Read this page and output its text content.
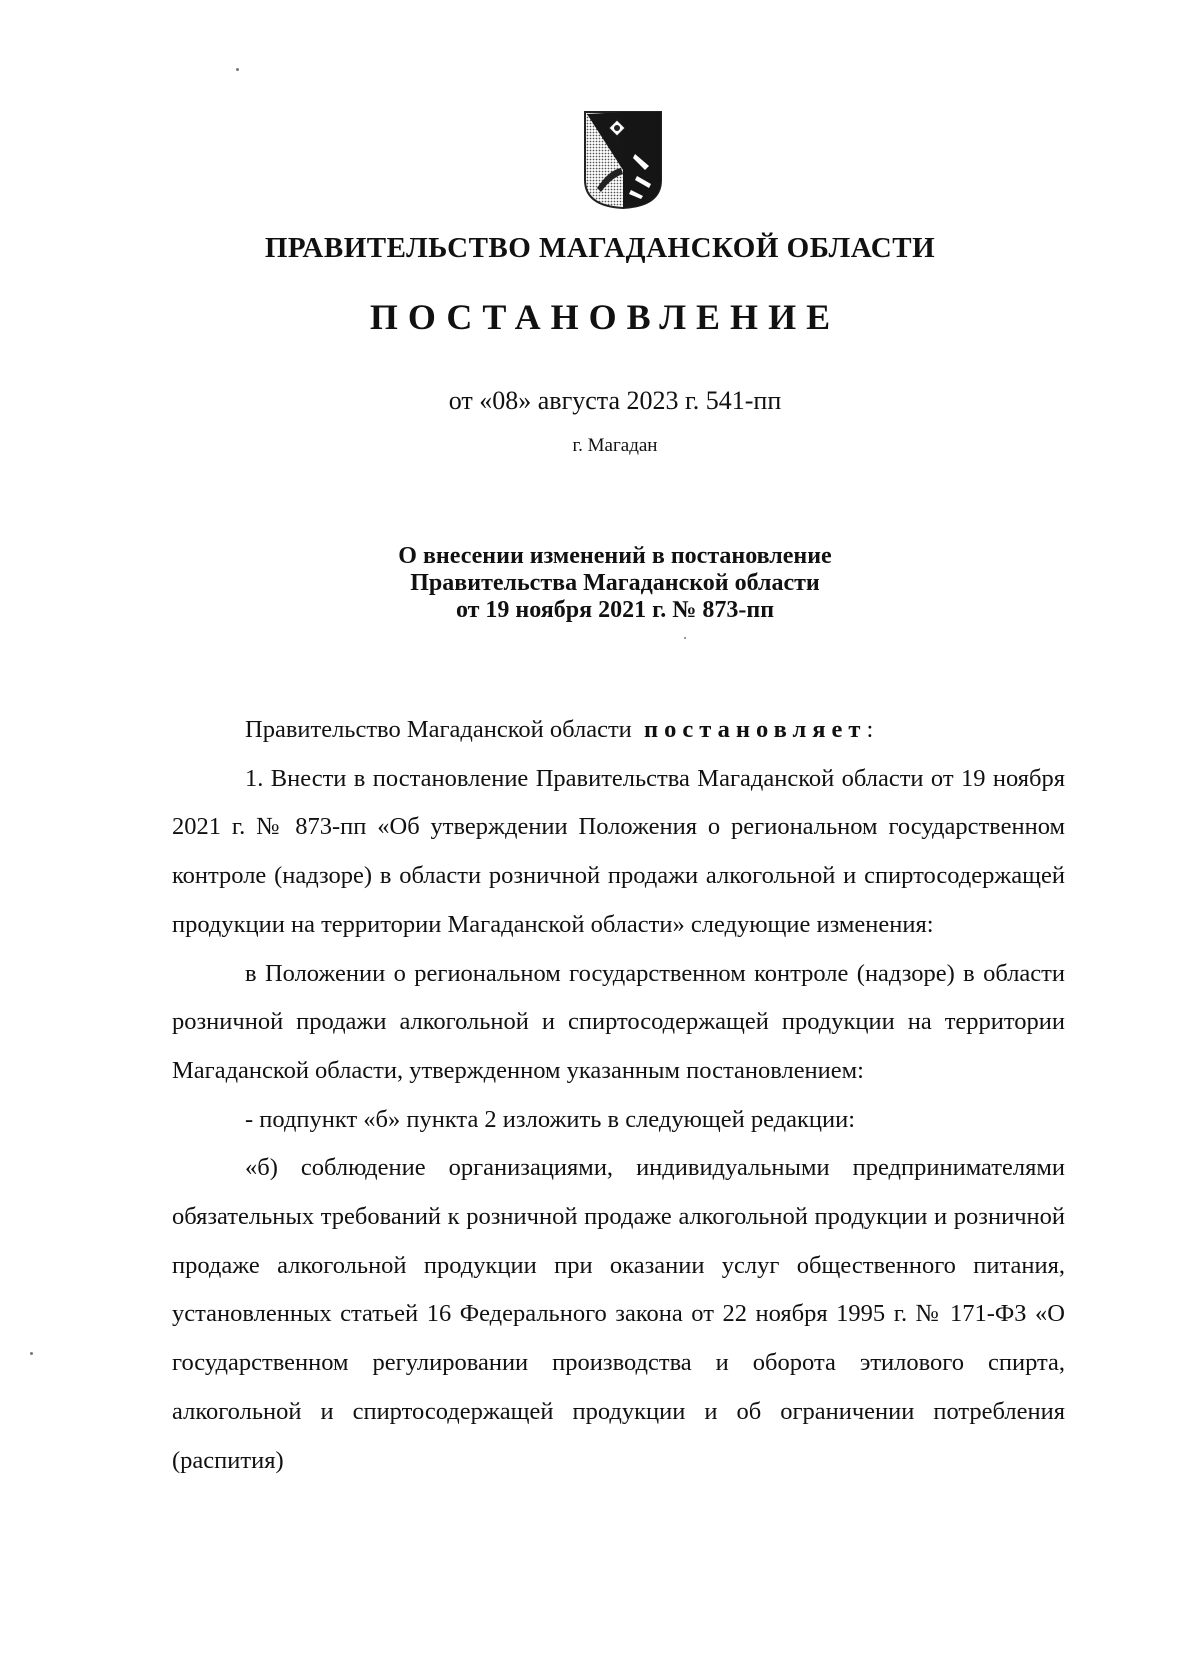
ПРАВИТЕЛЬСТВО МАГАДАНСКОЙ ОБЛАСТИ
ПОСТАНОВЛЕНИЕ
от «08» августа 2023 г. 541-пп
г. Магадан
О внесении изменений в постановление
Правительства Магаданской области
от 19 ноября 2021 г. № 873-пп

Правительство Магаданской области постановляет:

1. Внести в постановление Правительства Магаданской области от 19 ноября 2021 г. № 873-пп «Об утверждении Положения о региональном государственном контроле (надзоре) в области розничной продажи алкогольной и спиртосодержащей продукции на территории Магаданской области» следующие изменения:

в Положении о региональном государственном контроле (надзоре) в области розничной продажи алкогольной и спиртосодержащей продукции на территории Магаданской области, утвержденном указанным постановлением:

- подпункт «б» пункта 2 изложить в следующей редакции:

«б) соблюдение организациями, индивидуальными предпринимателями обязательных требований к розничной продаже алкогольной продукции и розничной продаже алкогольной продукции при оказании услуг общественного питания, установленных статьей 16 Федерального закона от 22 ноября 1995 г. № 171-ФЗ «О государственном регулировании производства и оборота этилового спирта, алкогольной и спиртосодержащей продукции и об ограничении потребления (распития)
